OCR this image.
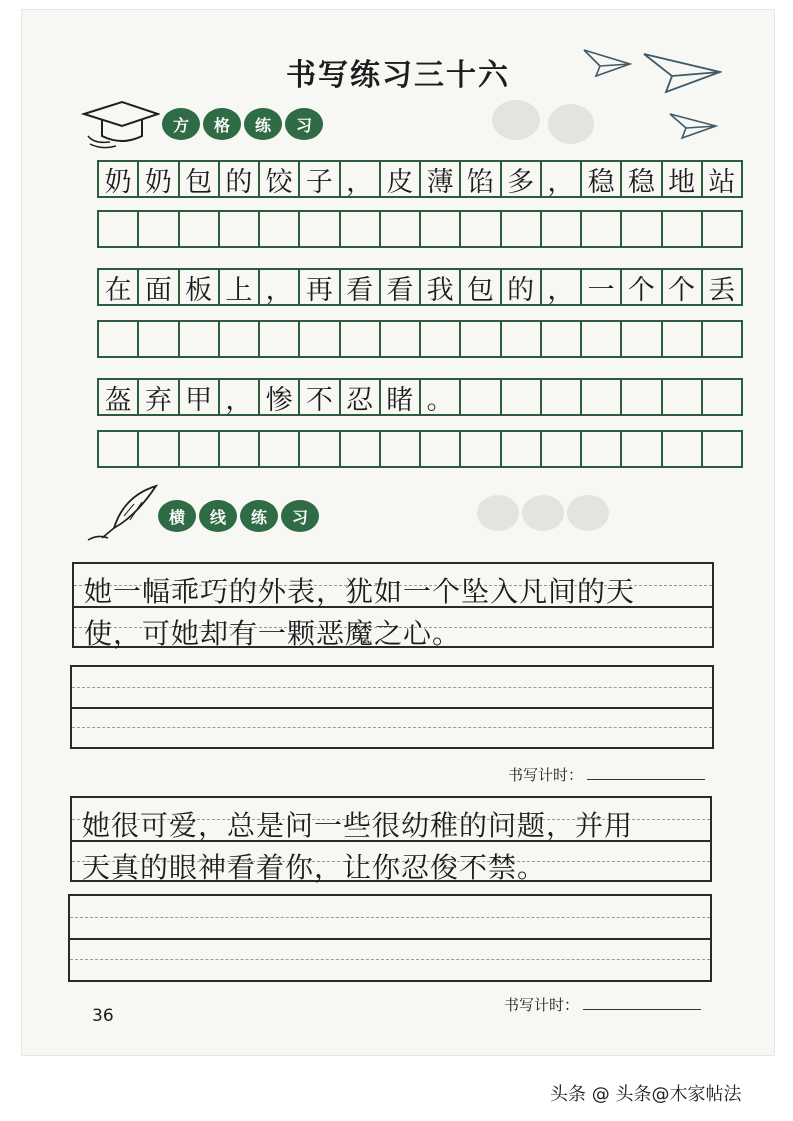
书写练习三十六
方	格	练	习
奶 奶 包 的 饺 子 ， 皮 薄 馅 多 ， 稳 稳 地 站
在 面 板 上 ， 再 看 看 我 包 的 ， 一 个 个 丢
盔 弃 甲 ， 惨 不 忍 睹 。
横	线	练	习
她一幅乖巧的外表，犹如一个坠入凡间的天
使，可她却有一颗恶魔之心。
书写计时：
她很可爱，总是问一些很幼稚的问题，并用
天真的眼神看着你，让你忍俊不禁。
书写计时：
36
头条 @ 头条@木家帖法
